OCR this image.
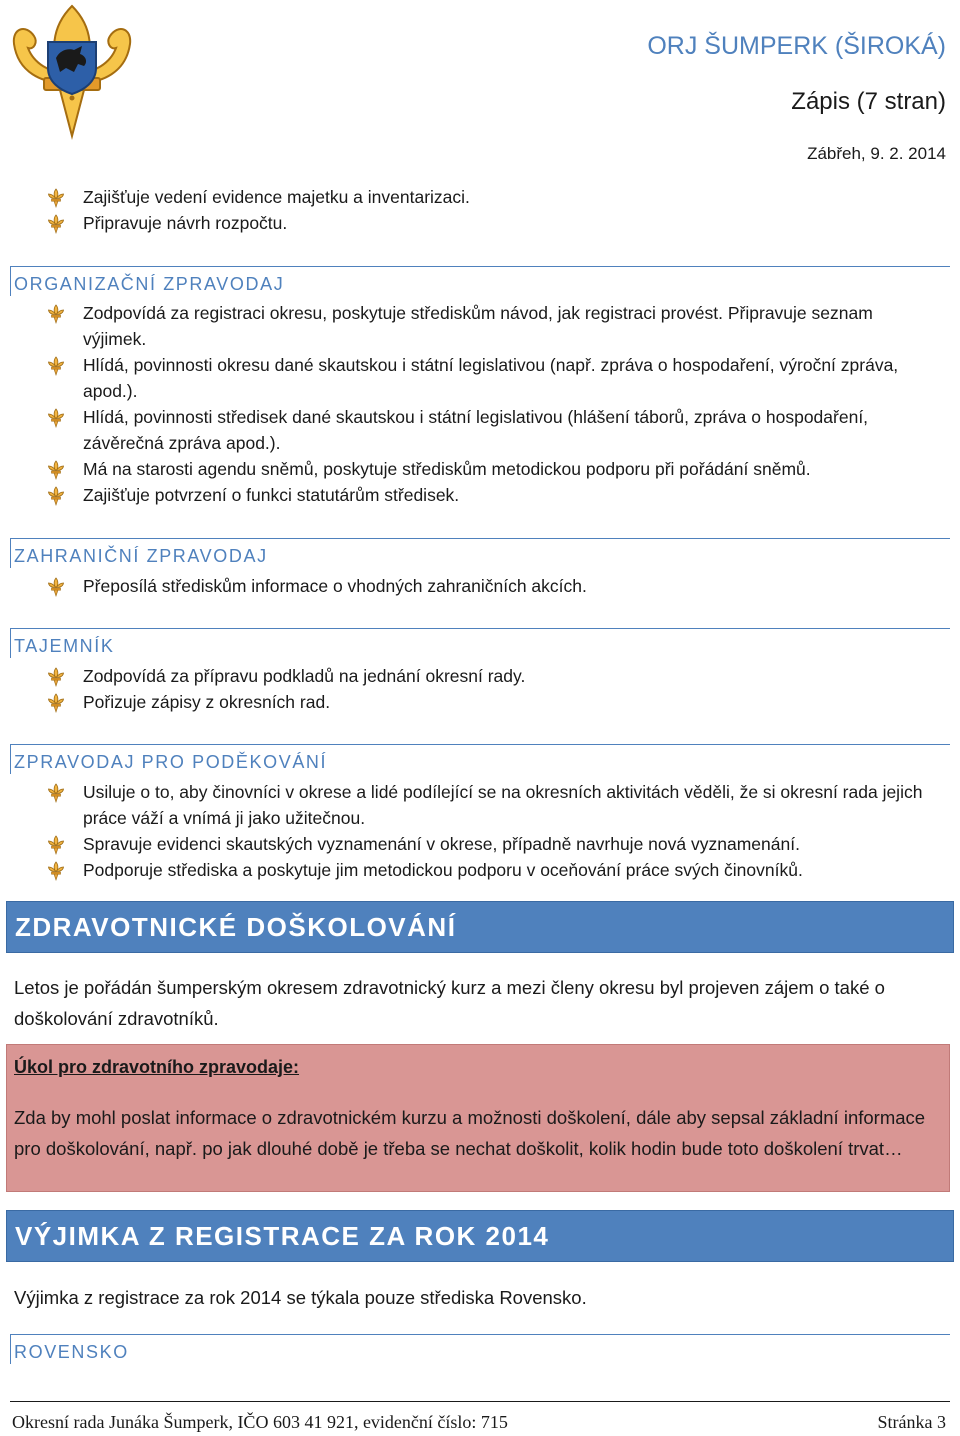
ORJ ŠUMPERK (ŠIROKÁ)
Zápis (7 stran)
Zábřeh, 9. 2. 2014
Zajišťuje vedení evidence majetku a inventarizaci.
Připravuje návrh rozpočtu.
ORGANIZAČNÍ ZPRAVODAJ
Zodpovídá za registraci okresu, poskytuje střediskům návod, jak registraci provést. Připravuje seznam výjimek.
Hlídá, povinnosti okresu dané skautskou i státní legislativou (např. zpráva o hospodaření, výroční zpráva, apod.).
Hlídá, povinnosti středisek dané skautskou i státní legislativou (hlášení táborů, zpráva o hospodaření, závěrečná zpráva apod.).
Má na starosti agendu sněmů, poskytuje střediskům metodickou podporu při pořádání sněmů.
Zajišťuje potvrzení o funkci statutárům středisek.
ZAHRANIČNÍ ZPRAVODAJ
Přeposílá střediskům informace o vhodných zahraničních akcích.
TAJEMNÍK
Zodpovídá za přípravu podkladů na jednání okresní rady.
Pořizuje zápisy z okresních rad.
ZPRAVODAJ PRO PODĚKOVÁNÍ
Usiluje o to, aby činovníci v okrese a lidé podílející se na okresních aktivitách věděli, že si okresní rada jejich práce váží a vnímá ji jako užitečnou.
Spravuje evidenci skautských vyznamenání v okrese, případně navrhuje nová vyznamenání.
Podporuje střediska a poskytuje jim metodickou podporu v oceňování práce svých činovníků.
ZDRAVOTNICKÉ DOŠKOLOVÁNÍ
Letos je pořádán šumperským okresem zdravotnický kurz a mezi členy okresu byl projeven zájem o také o doškolování zdravotníků.
Úkol pro zdravotního zpravodaje:
Zda by mohl poslat informace o zdravotnickém kurzu a možnosti doškolení, dále aby sepsal základní informace pro doškolování, např. po jak dlouhé době je třeba se nechat doškolit, kolik hodin bude toto doškolení trvat…
VÝJIMKA Z REGISTRACE ZA ROK 2014
Výjimka z registrace za rok 2014 se týkala pouze střediska Rovensko.
ROVENSKO
Okresní rada Junáka Šumperk, IČO 603 41 921, evidenční číslo: 715	Stránka 3
